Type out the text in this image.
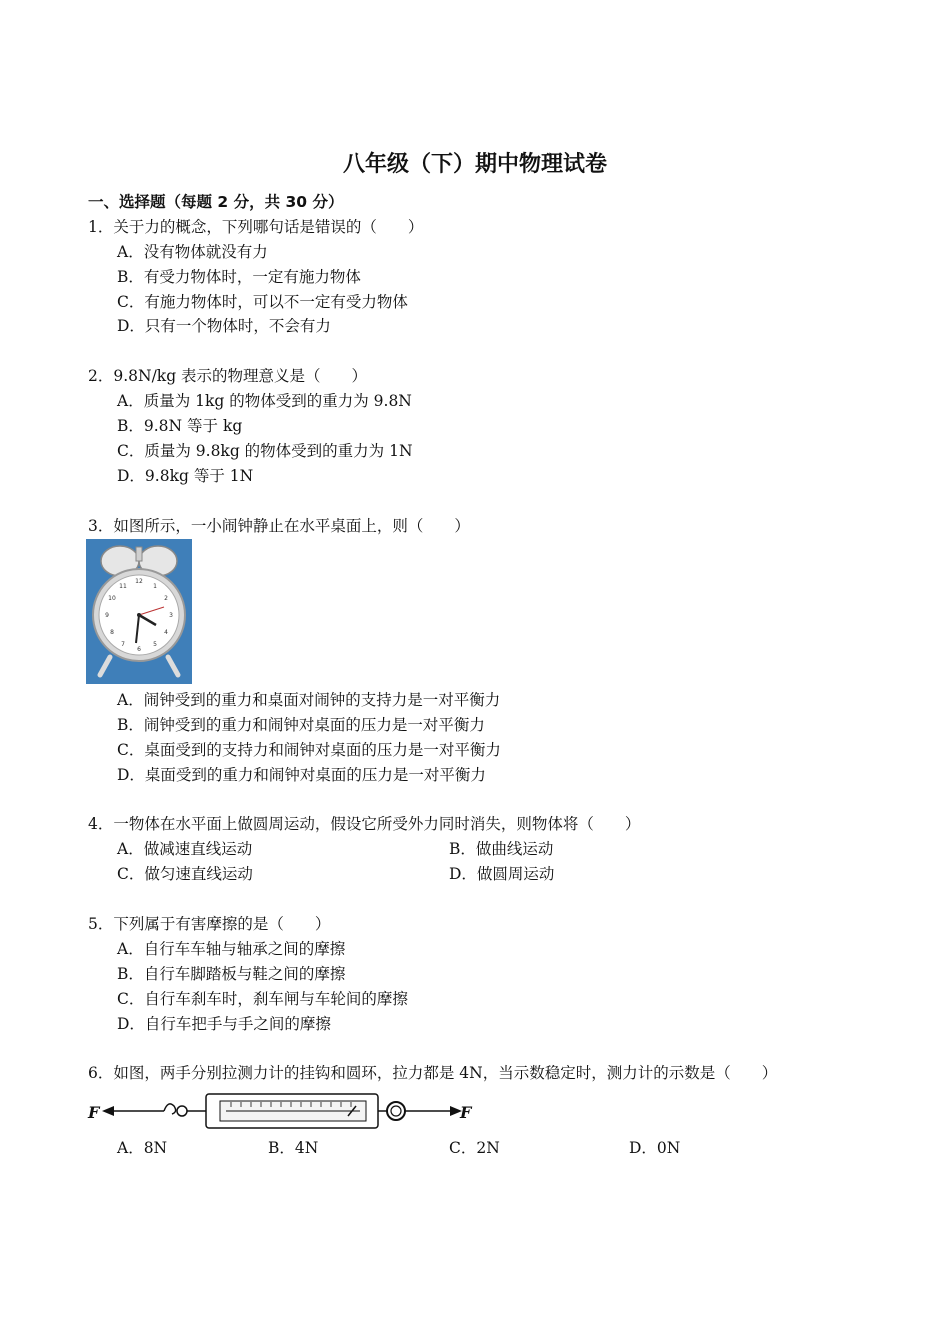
八年级（下）期中物理试卷
一、选择题（每题 2 分，共 30 分）
1．关于力的概念，下列哪句话是错误的（　　）
A．没有物体就没有力
B．有受力物体时，一定有施力物体
C．有施力物体时，可以不一定有受力物体
D．只有一个物体时，不会有力
2．9.8N/kg 表示的物理意义是（　　）
A．质量为 1kg 的物体受到的重力为 9.8N
B．9.8N 等于 kg
C．质量为 9.8kg 的物体受到的重力为 1N
D．9.8kg 等于 1N
3．如图所示，一小闹钟静止在水平桌面上，则（　　）
12
1
2
3
4
5
6
7
8
9
10
11
A．闹钟受到的重力和桌面对闹钟的支持力是一对平衡力
B．闹钟受到的重力和闹钟对桌面的压力是一对平衡力
C．桌面受到的支持力和闹钟对桌面的压力是一对平衡力
D．桌面受到的重力和闹钟对桌面的压力是一对平衡力
4．一物体在水平面上做圆周运动，假设它所受外力同时消失，则物体将（　　）
A．做减速直线运动	B．做曲线运动
C．做匀速直线运动	D．做圆周运动
5．下列属于有害摩擦的是（　　）
A．自行车车轴与轴承之间的摩擦
B．自行车脚踏板与鞋之间的摩擦
C．自行车刹车时，刹车闸与车轮间的摩擦
D．自行车把手与手之间的摩擦
6．如图，两手分别拉测力计的挂钩和圆环，拉力都是 4N，当示数稳定时，测力计的示数是（　　）
F	F
A．8N	B．4N	C．2N	D．0N
